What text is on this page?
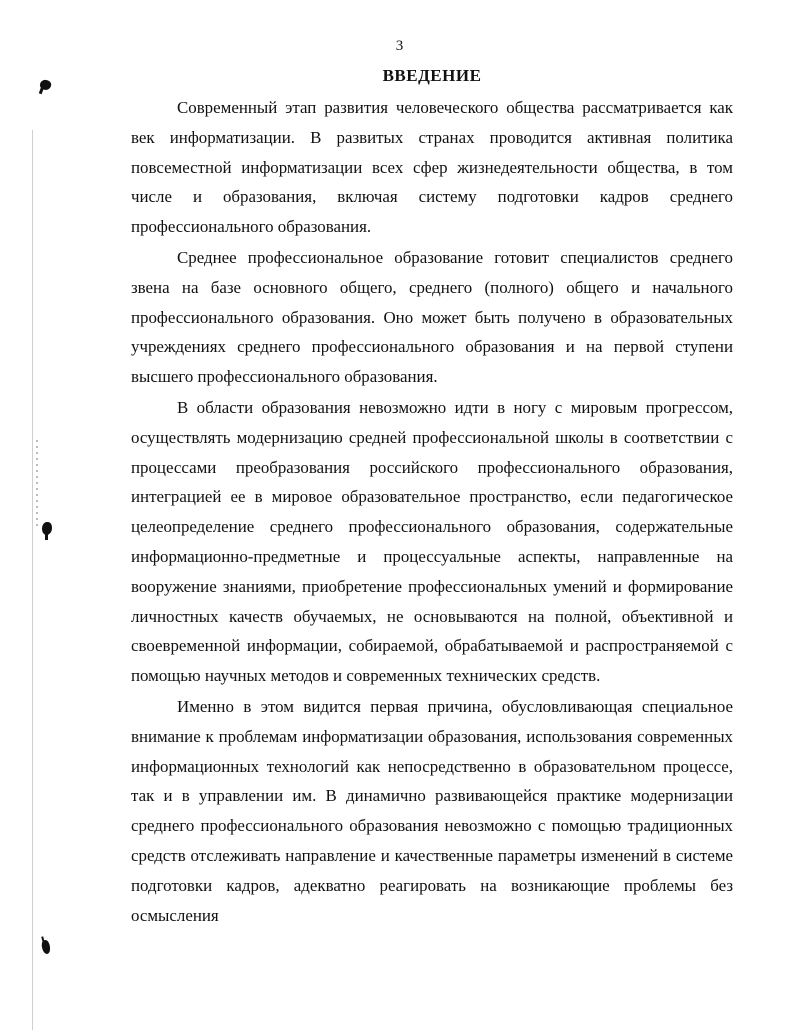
3
ВВЕДЕНИЕ

Современный этап развития человеческого общества рассматривается как век информатизации. В развитых странах проводится активная политика повсеместной информатизации всех сфер жизнедеятельности общества, в том числе и образования, включая систему подготовки кадров среднего профессионального образования.

Среднее профессиональное образование готовит специалистов среднего звена на базе основного общего, среднего (полного) общего и начального профессионального образования. Оно может быть получено в образовательных учреждениях среднего профессионального образования и на первой ступени высшего профессионального образования.

В области образования невозможно идти в ногу с мировым прогрессом, осуществлять модернизацию средней профессиональной школы в соответствии с процессами преобразования российского профессионального образования, интеграцией ее в мировое образовательное пространство, если педагогическое целеопределение среднего профессионального образования, содержательные информационно-предметные и процессуальные аспекты, направленные на вооружение знаниями, приобретение профессиональных умений и формирование личностных качеств обучаемых, не основываются на полной, объективной и своевременной информации, собираемой, обрабатываемой и распространяемой с помощью научных методов и современных технических средств.

Именно в этом видится первая причина, обусловливающая специальное внимание к проблемам информатизации образования, использования современных информационных технологий как непосредственно в образовательном процессе, так и в управлении им. В динамично развивающейся практике модернизации среднего профессионального образования невозможно с помощью традиционных средств отслеживать направление и качественные параметры изменений в системе подготовки кадров, адекватно реагировать на возникающие проблемы без осмысления
